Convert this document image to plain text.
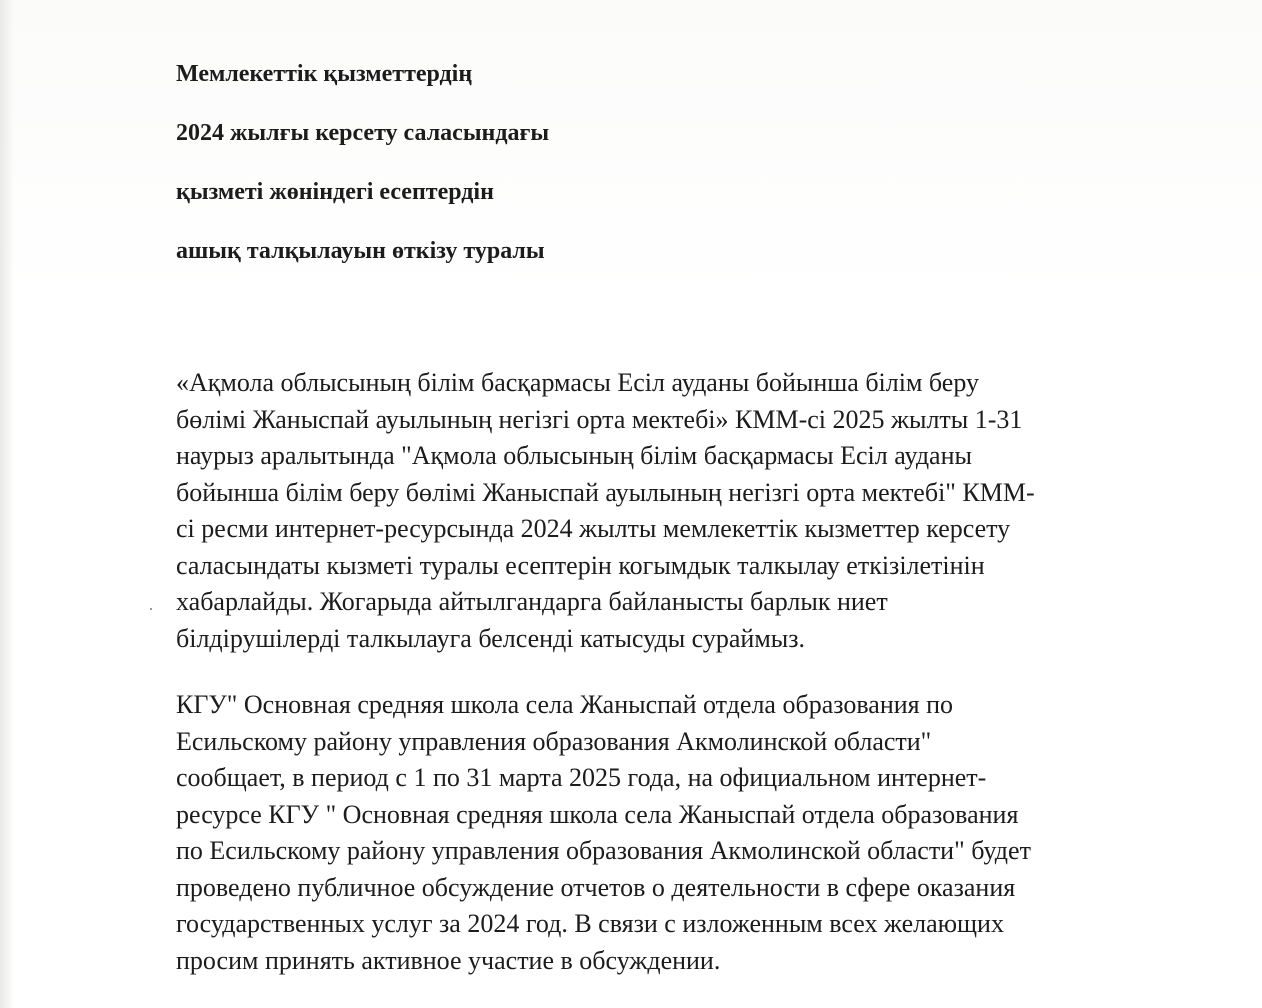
Мемлекеттік қызметтердің
2024 жылғы керсету саласындағы
қызметі жөніндегі есептердін
ашық талқылауын өткізу туралы

«Ақмола облысының білім басқармасы Есіл ауданы бойынша білім беру
бөлімі Жаныспай ауылының негізгі орта мектебі» КММ-сі 2025 жылты 1-31
наурыз аралытында "Ақмола облысының білім басқармасы Есіл ауданы
бойынша білім беру бөлімі Жаныспай ауылының негізгі орта мектебі" КММ-
сі ресми интернет-ресурсында 2024 жылты мемлекеттік кызметтер керсету
саласындаты кызметі туралы есептерін когымдык талкылау еткізілетінін
хабарлайды. Жогарыда айтылгандарга байланысты барлык ниет
білдірушілерді талкылауга белсенді катысуды сураймыз.

КГУ" Основная средняя школа села Жаныспай отдела образования по
Есильскому району управления образования Акмолинской области"
сообщает, в период с 1 по 31 марта 2025 года, на официальном интернет-
ресурсе КГУ " Основная средняя школа села Жаныспай отдела образования
по Есильскому району управления образования Акмолинской области" будет
проведено публичное обсуждение отчетов о деятельности в сфере оказания
государственных услуг за 2024 год. В связи с изложенным всех желающих
просим принять активное участие в обсуждении.
